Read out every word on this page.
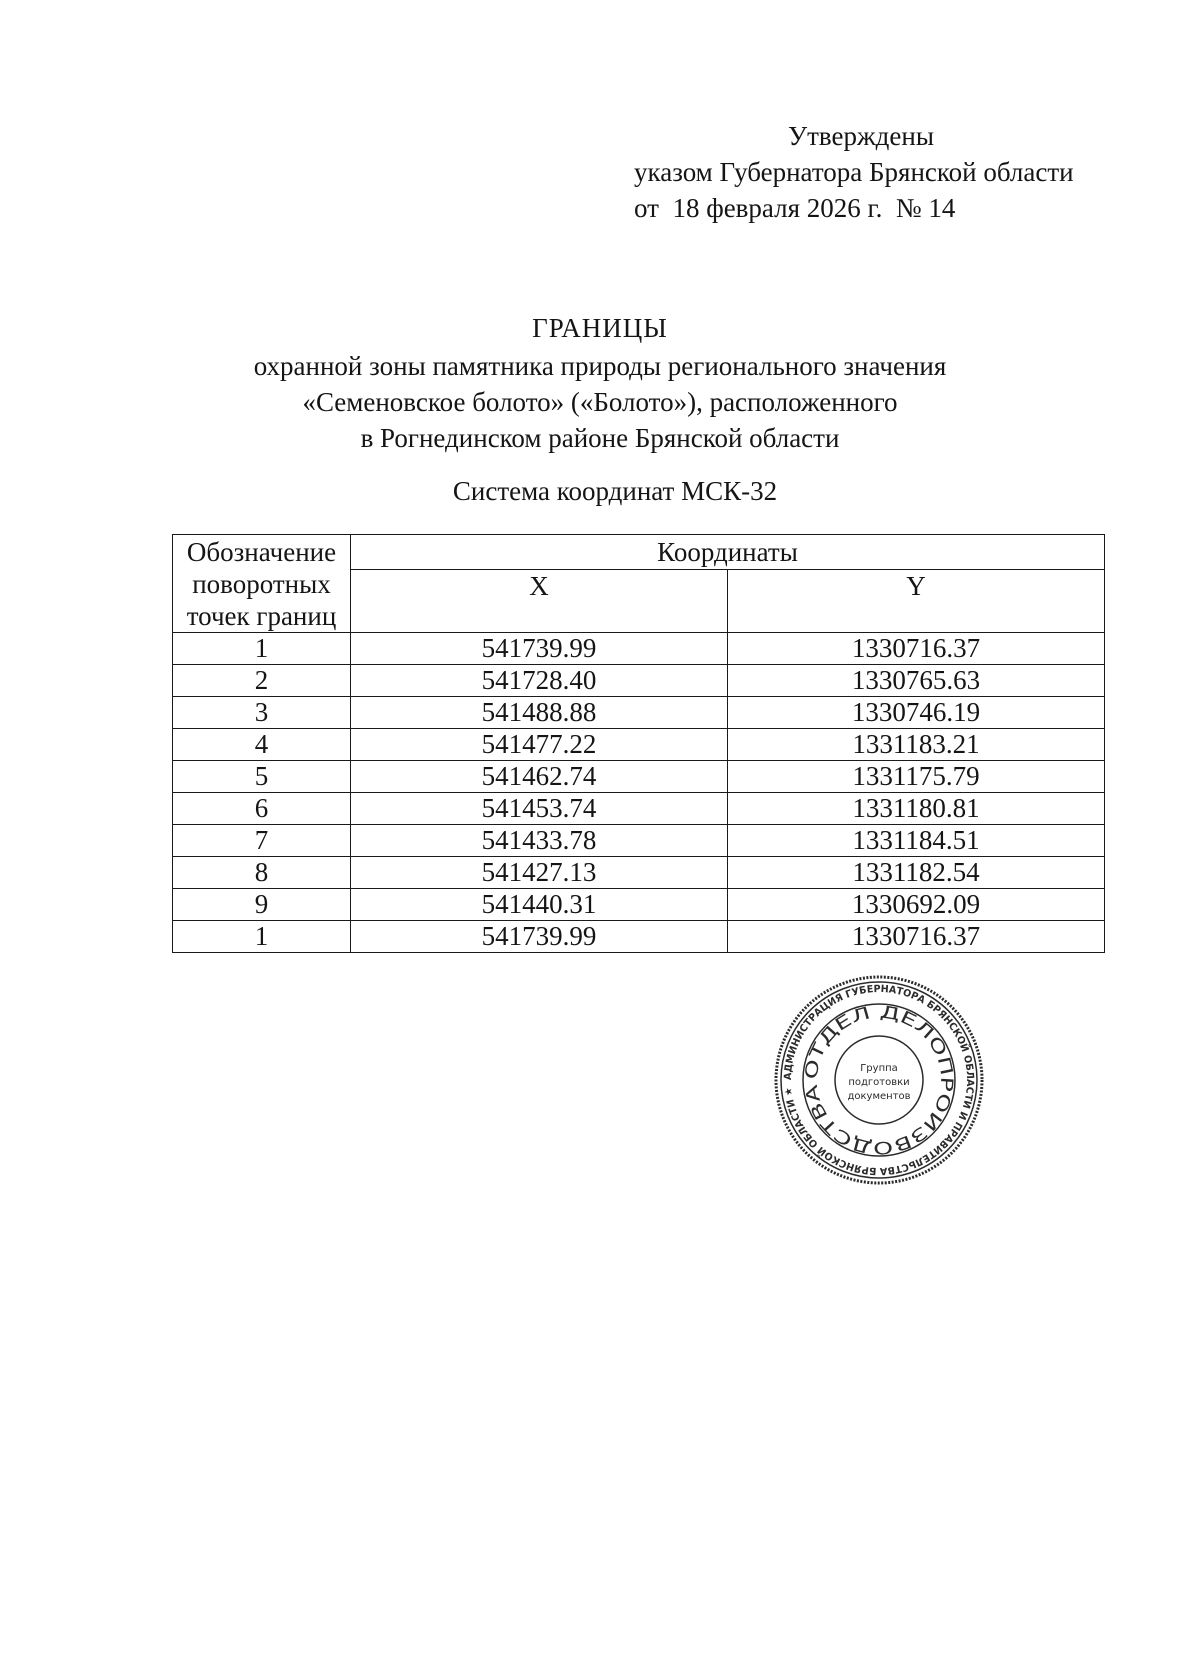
Утверждены
указом Губернатора Брянской области
от  18 февраля 2026 г.  № 14
ГРАНИЦЫ
охранной зоны памятника природы регионального значения
«Семеновское болото» («Болото»), расположенного
в Рогнединском районе Брянской области
Система координат МСК-32
Обозначение поворотных точек границ	Координаты	
	X	Y
1	541739.99	1330716.37
2	541728.40	1330765.63
3	541488.88	1330746.19
4	541477.22	1331183.21
5	541462.74	1331175.79
6	541453.74	1331180.81
7	541433.78	1331184.51
8	541427.13	1331182.54
9	541440.31	1330692.09
1	541739.99	1330716.37
АДМИНИСТРАЦИЯ ГУБЕРНАТОРА БРЯНСКОЙ ОБЛАСТИ И ПРАВИТЕЛЬСТВА БРЯНСКОЙ ОБЛАСТИ ★
ОТДЕЛ ДЕЛОПРОИЗВОДСТВА
Группа
подготовки
документов
